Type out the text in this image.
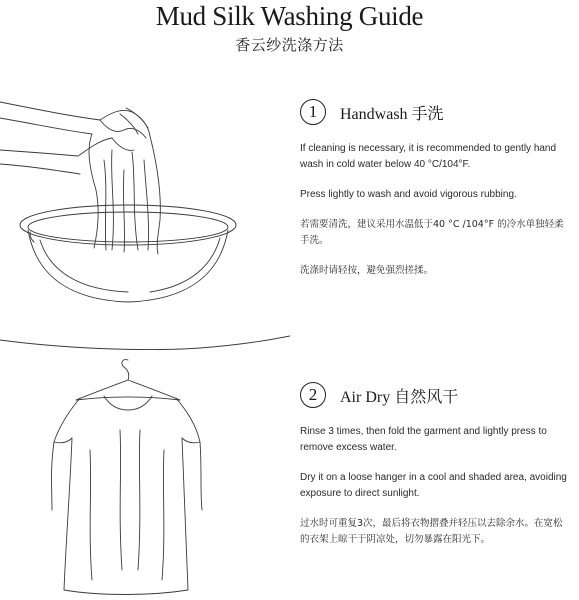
Mud Silk Washing Guide
香云纱洗涤方法
1	Handwash 手洗

If cleaning is necessary, it is recommended to gently hand wash in cold water below 40 °C/104°F.

Press lightly to wash and avoid vigorous rubbing.

若需要清洗，建议采用水温低于40 °C /104°F 的冷水单独轻柔手洗。

洗涤时请轻按，避免强烈搓揉。

2	Air Dry 自然风干

Rinse 3 times, then fold the garment and lightly press to remove excess water.

Dry it on a loose hanger in a cool and shaded area, avoiding exposure to direct sunlight.

过水时可重复3次，最后将衣物摺叠并轻压以去除余水。在宽松的衣架上晾干于阴凉处，切勿暴露在阳光下。
